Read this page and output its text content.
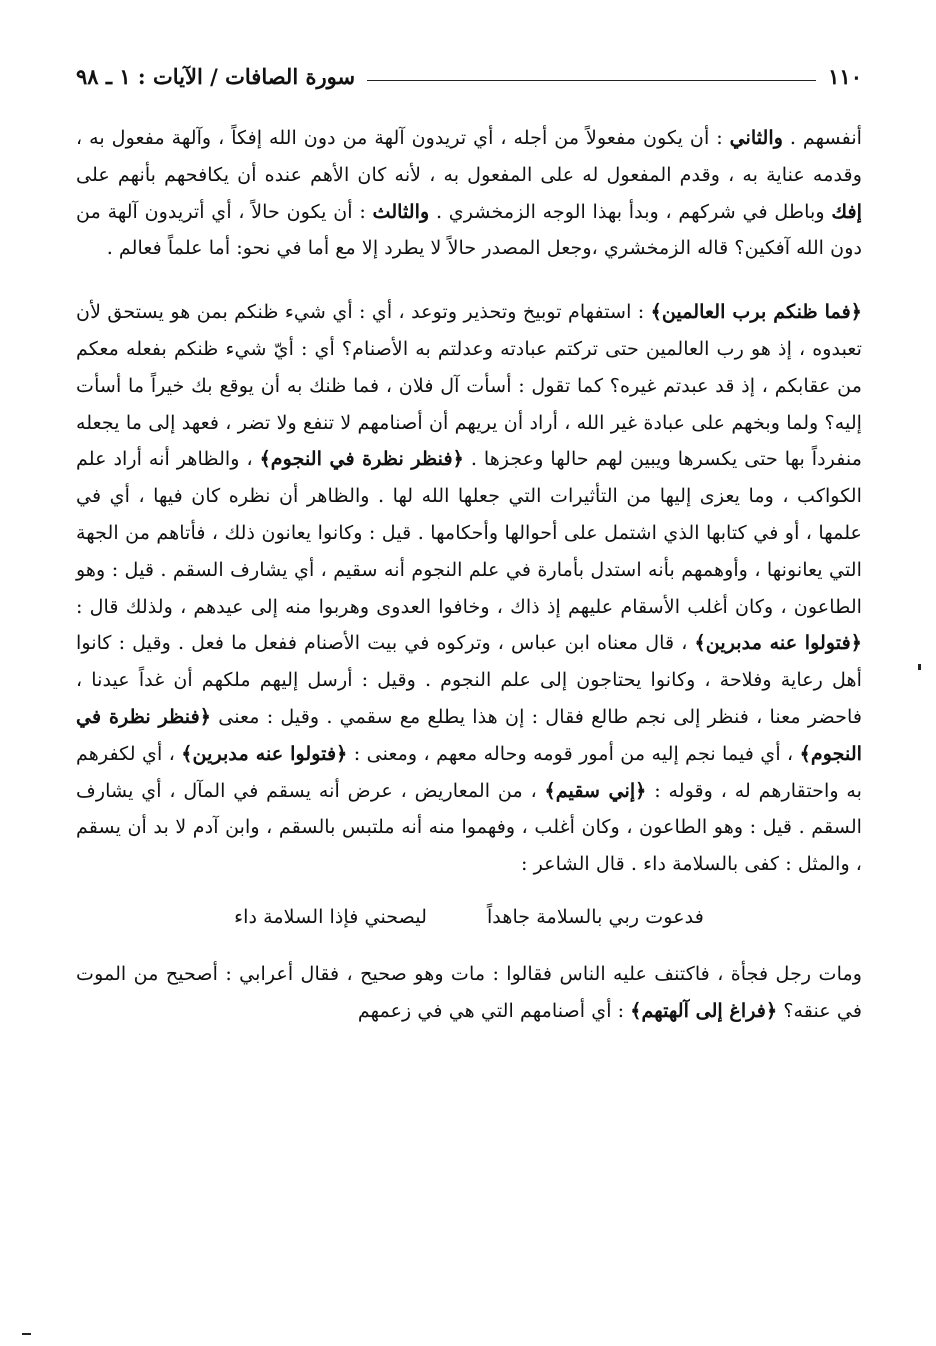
١١٠
سورة الصافات / الآيات : ١ ـ ٩٨

أنفسهم . والثاني : أن يكون مفعولاً من أجله ، أي تريدون آلهة من دون الله إفكاً ، وآلهة مفعول به ، وقدمه عناية به ، وقدم المفعول له على المفعول به ، لأنه كان الأهم عنده أن يكافحهم بأنهم على إفك وباطل في شركهم ، وبدأ بهذا الوجه الزمخشري . والثالث : أن يكون حالاً ، أي أتريدون آلهة من دون الله آفكين؟ قاله الزمخشري ،وجعل المصدر حالاً لا يطرد إلا مع أما في نحو: أما علماً فعالم .

﴿فما ظنكم برب العالمين﴾ : استفهام توبيخ وتحذير وتوعد ، أي : أي شيء ظنكم بمن هو يستحق لأن تعبدوه ، إذ هو رب العالمين حتى تركتم عبادته وعدلتم به الأصنام؟ أي : أيّ شيء ظنكم بفعله معكم من عقابكم ، إذ قد عبدتم غيره؟ كما تقول : أسأت آل فلان ، فما ظنك به أن يوقع بك خيراً ما أسأت إليه؟ ولما وبخهم على عبادة غير الله ، أراد أن يريهم أن أصنامهم لا تنفع ولا تضر ، فعهد إلى ما يجعله منفرداً بها حتى يكسرها ويبين لهم حالها وعجزها . ﴿فنظر نظرة في النجوم﴾ ، والظاهر أنه أراد علم الكواكب ، وما يعزى إليها من التأثيرات التي جعلها الله لها . والظاهر أن نظره كان فيها ، أي في علمها ، أو في كتابها الذي اشتمل على أحوالها وأحكامها . قيل : وكانوا يعانون ذلك ، فأتاهم من الجهة التي يعانونها ، وأوهمهم بأنه استدل بأمارة في علم النجوم أنه سقيم ، أي يشارف السقم . قيل : وهو الطاعون ، وكان أغلب الأسقام عليهم إذ ذاك ، وخافوا العدوى وهربوا منه إلى عيدهم ، ولذلك قال : ﴿فتولوا عنه مدبرين﴾ ، قال معناه ابن عباس ، وتركوه في بيت الأصنام ففعل ما فعل . وقيل : كانوا أهل رعاية وفلاحة ، وكانوا يحتاجون إلى علم النجوم . وقيل : أرسل إليهم ملكهم أن غداً عيدنا ، فاحضر معنا ، فنظر إلى نجم طالع فقال : إن هذا يطلع مع سقمي . وقيل : معنى ﴿فنظر نظرة في النجوم﴾ ، أي فيما نجم إليه من أمور قومه وحاله معهم ، ومعنى : ﴿فتولوا عنه مدبرين﴾ ، أي لكفرهم به واحتقارهم له ، وقوله : ﴿إني سقيم﴾ ، من المعاريض ، عرض أنه يسقم في المآل ، أي يشارف السقم . قيل : وهو الطاعون ، وكان أغلب ، وفهموا منه أنه ملتبس بالسقم ، وابن آدم لا بد أن يسقم ، والمثل : كفى بالسلامة داء . قال الشاعر :

فدعوت ربي بالسلامة جاهداً
ليصحني فإذا السلامة داء

ومات رجل فجأة ، فاكتنف عليه الناس فقالوا : مات وهو صحيح ، فقال أعرابي : أصحيح من الموت في عنقه؟ ﴿فراغ إلى آلهتهم﴾ : أي أصنامهم التي هي في زعمهم
